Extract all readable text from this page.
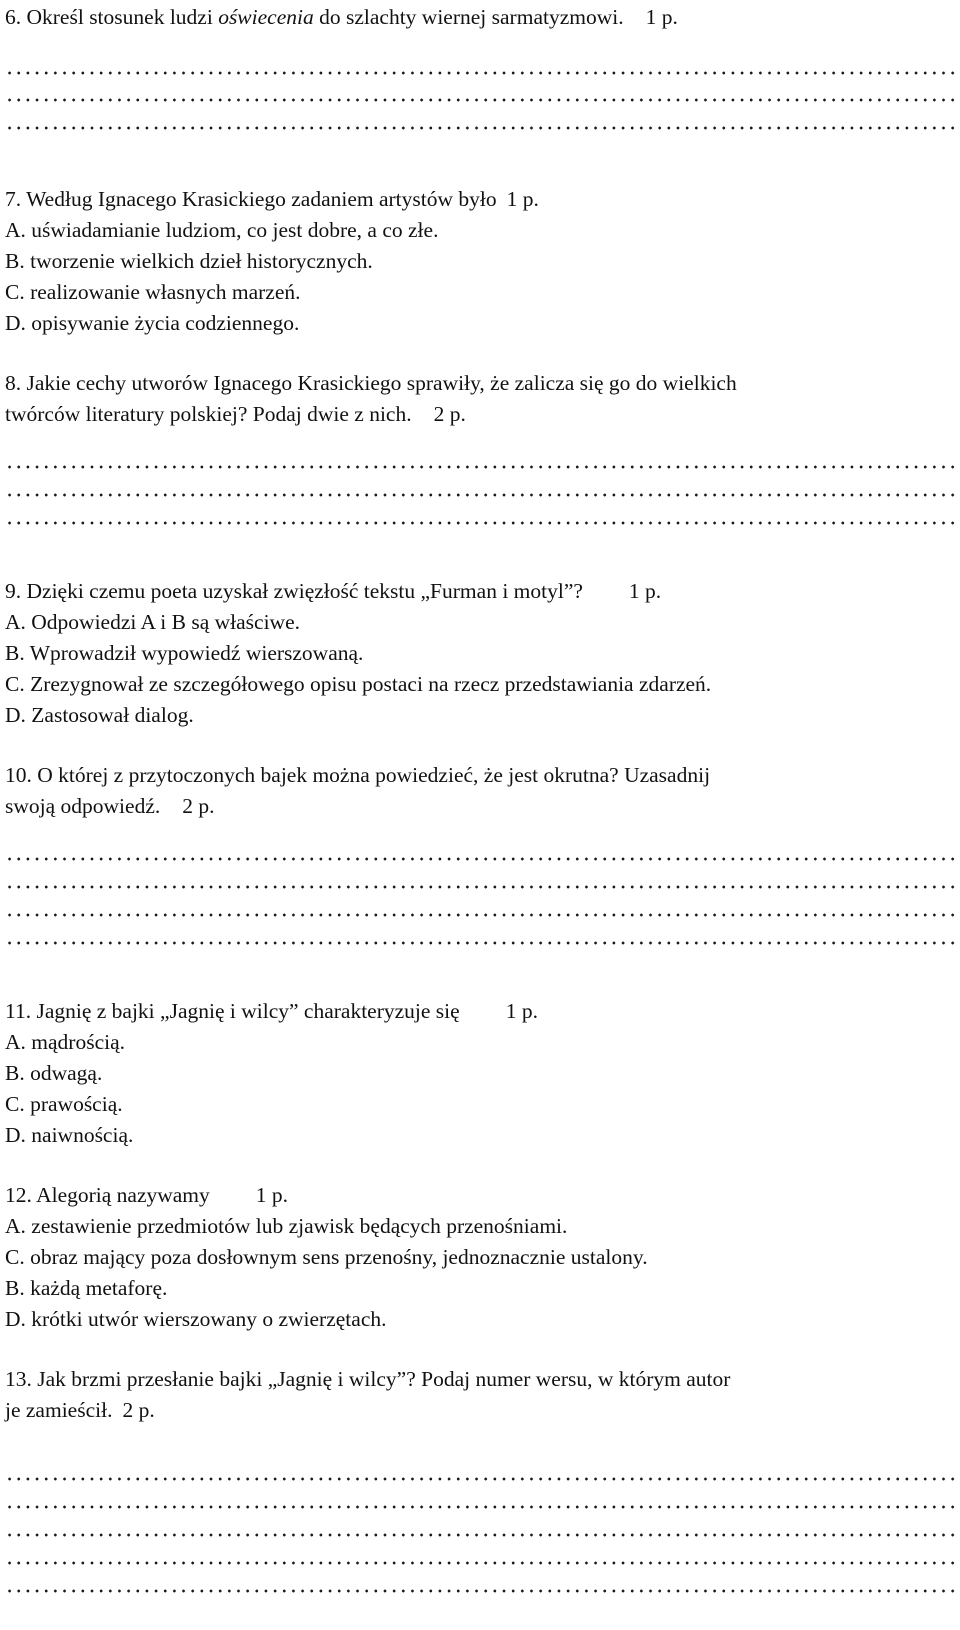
6. Określ stosunek ludzi oświecenia do szlachty wiernej sarmatyzmowi. 1 p.
7. Według Ignacego Krasickiego zadaniem artystów było 1 p.
A. uświadamianie ludziom, co jest dobre, a co złe.
B. tworzenie wielkich dzieł historycznych.
C. realizowanie własnych marzeń.
D. opisywanie życia codziennego.
8. Jakie cechy utworów Ignacego Krasickiego sprawiły, że zalicza się go do wielkich
twórców literatury polskiej? Podaj dwie z nich. 2 p.
9. Dzięki czemu poeta uzyskał zwięzłość tekstu „Furman i motyl”? 1 p.
A. Odpowiedzi A i B są właściwe.
B. Wprowadził wypowiedź wierszowaną.
C. Zrezygnował ze szczegółowego opisu postaci na rzecz przedstawiania zdarzeń.
D. Zastosował dialog.
10. O której z przytoczonych bajek można powiedzieć, że jest okrutna? Uzasadnij
swoją odpowiedź. 2 p.
11. Jagnię z bajki „Jagnię i wilcy” charakteryzuje się 1 p.
A. mądrością.
B. odwagą.
C. prawością.
D. naiwnością.
12. Alegorią nazywamy 1 p.
A. zestawienie przedmiotów lub zjawisk będących przenośniami.
C. obraz mający poza dosłownym sens przenośny, jednoznacznie ustalony.
B. każdą metaforę.
D. krótki utwór wierszowany o zwierzętach.
13. Jak brzmi przesłanie bajki „Jagnię i wilcy”? Podaj numer wersu, w którym autor
je zamieścił. 2 p.
